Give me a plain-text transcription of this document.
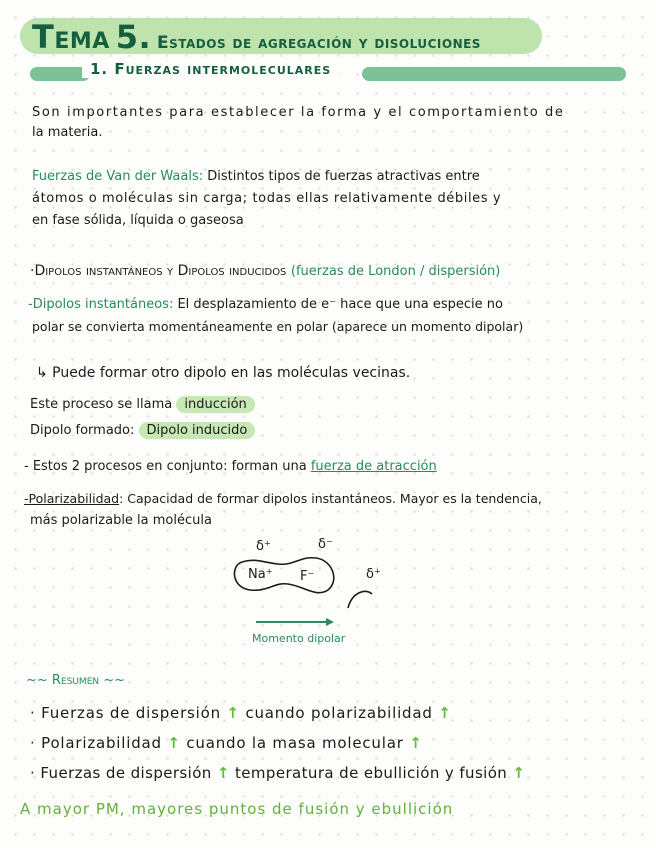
Tema 5. Estados de agregación y disoluciones
1. Fuerzas intermoleculares
Son importantes para establecer la forma y el comportamiento de
la materia.
Fuerzas de Van der Waals: Distintos tipos de fuerzas atractivas entre
átomos o moléculas sin carga; todas ellas relativamente débiles y
en fase sólida, líquida o gaseosa
·Dipolos instantáneos y Dipolos inducidos (fuerzas de London / dispersión)
-Dipolos instantáneos: El desplazamiento de e⁻ hace que una especie no
polar se convierta momentáneamente en polar (aparece un momento dipolar)
↳ Puede formar otro dipolo en las moléculas vecinas.
Este proceso se llama inducción
Dipolo formado: Dipolo inducido
- Estos 2 procesos en conjunto: forman una fuerza de atracción
-Polarizabilidad: Capacidad de formar dipolos instantáneos. Mayor es la tendencia,
más polarizable la molécula
δ⁺	δ⁻
Na⁺ F⁻	δ⁺
Momento dipolar
~~ Resumen ~~
· Fuerzas de dispersión ↑ cuando polarizabilidad ↑
· Polarizabilidad ↑ cuando la masa molecular ↑
· Fuerzas de dispersión ↑ temperatura de ebullición y fusión ↑
A mayor PM, mayores puntos de fusión y ebullición
